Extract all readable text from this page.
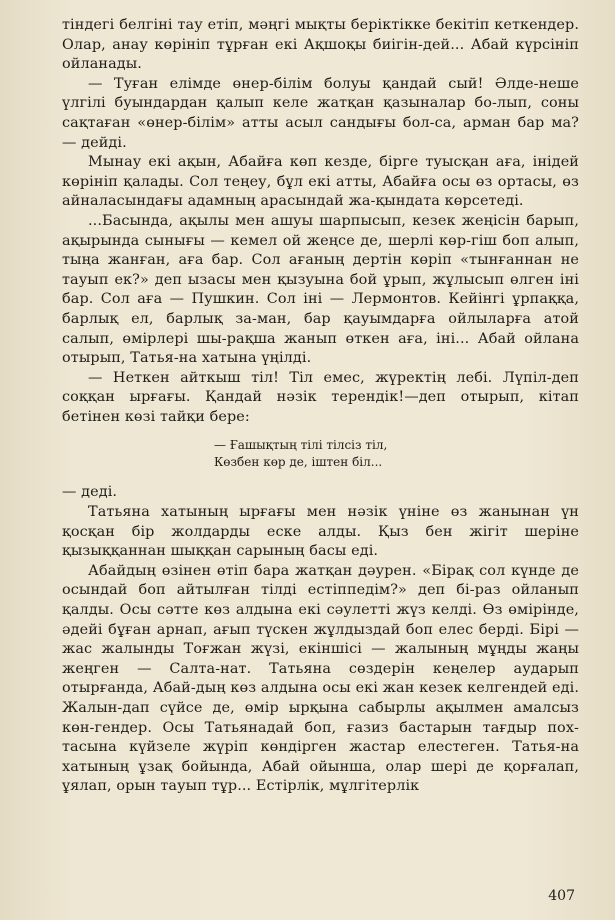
тіндегі белгіні тау етіп, мәңгі мықты беріктікке бекітіп кеткендер. Олар, анау көрініп тұрған екі Ақшоқы биігін-дей... Абай күрсініп ойланады.

— Туған елімде өнер-білім болуы қандай сый! Әлде-неше үлгілі буындардан қалып келе жатқан қазыналар бо-лып, соны сақтаған «өнер-білім» атты асыл сандығы бол-са, арман бар ма? — дейді.

Мынау екі ақын, Абайға көп кезде, бірге туысқан аға, інідей көрініп қалады. Сол теңеу, бұл екі атты, Абайға осы өз ортасы, өз айналасындағы адамның арасындай жа-қындата көрсетеді.

...Басында, ақылы мен ашуы шарпысып, кезек жеңісін барып, ақырында сынығы — кемел ой жеңсе де, шерлі көр-гіш боп алып, тыңа жанған, аға бар. Сол ағаның дертін көріп «тынғаннан не тауып ек?» деп ызасы мен қызуына бой ұрып, жұлысып өлген іні бар. Сол аға — Пушкин. Сол іні — Лермонтов. Кейінгі ұрпаққа, барлық ел, барлық за-ман, бар қауымдарға ойлыларға атой салып, өмірлері шы-рақша жанып өткен аға, іні... Абай ойлана отырып, Татья-на хатына үңілді.

— Неткен айткыш тіл! Тіл емес, жүректің лебі. Лүпіл-деп соққан ырғағы. Қандай нәзік терендік!—деп отырып, кітап бетінен көзі тайқи бере:

— Ғашықтың тілі тілсіз тіл,
Көзбен көр де, іштен біл...

— деді.

Татьяна хатының ырғағы мен нәзік үніне өз жанынан үн қосқан бір жолдарды еске алды. Қыз бен жігіт шеріне қызыққаннан шыққан сарының басы еді.

Абайдың өзінен өтіп бара жатқан дәурен. «Бірақ сол күнде де осындай боп айтылған тілді естіппедім?» деп бі-раз ойланып қалды. Осы сәтте көз алдына екі сәулетті жүз келді. Өз өмірінде, әдейі бұған арнап, ағып түскен жұлдыздай боп елес берді. Бірі — жас жалынды Тоғжан жүзі, екіншісі — жалының мұңды жаңы жеңген — Салта-нат. Татьяна сөздерін кеңелер аударып отырғанда, Абай-дың көз алдына осы екі жан кезек келгендей еді. Жалын-дап сүйсе де, өмір ырқына сабырлы ақылмен амалсыз көн-гендер. Осы Татьянадай боп, ғазиз бастарын тағдыр пох-тасына күйзеле жүріп көндірген жастар елестеген. Татья-на хатының ұзақ бойында, Абай ойынша, олар шері де қорғалап, ұялап, орын тауып тұр... Естірлік, мұлгітерлік

407
